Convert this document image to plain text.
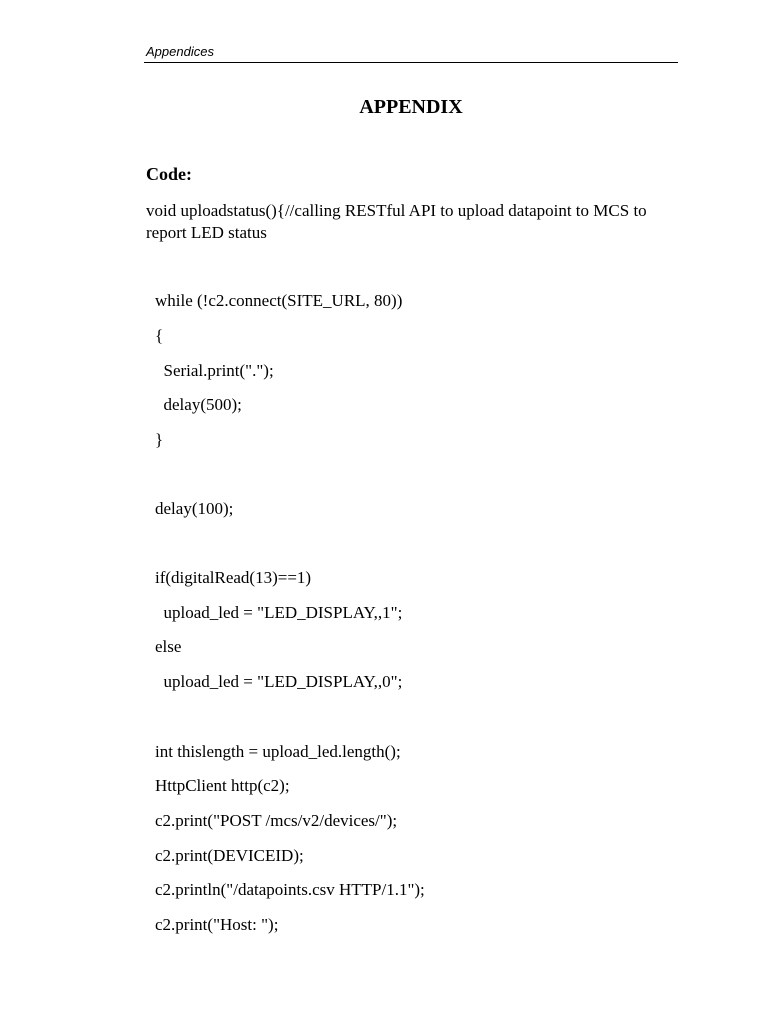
Appendices
APPENDIX
Code:
void uploadstatus(){//calling RESTful API to upload datapoint to MCS to report LED status
while (!c2.connect(SITE_URL, 80))
{
Serial.print(".");
delay(500);
}
delay(100);
if(digitalRead(13)==1)
upload_led = "LED_DISPLAY,,1";
else
upload_led = "LED_DISPLAY,,0";
int thislength = upload_led.length();
HttpClient http(c2);
c2.print("POST /mcs/v2/devices/");
c2.print(DEVICEID);
c2.println("/datapoints.csv HTTP/1.1");
c2.print("Host: ");
